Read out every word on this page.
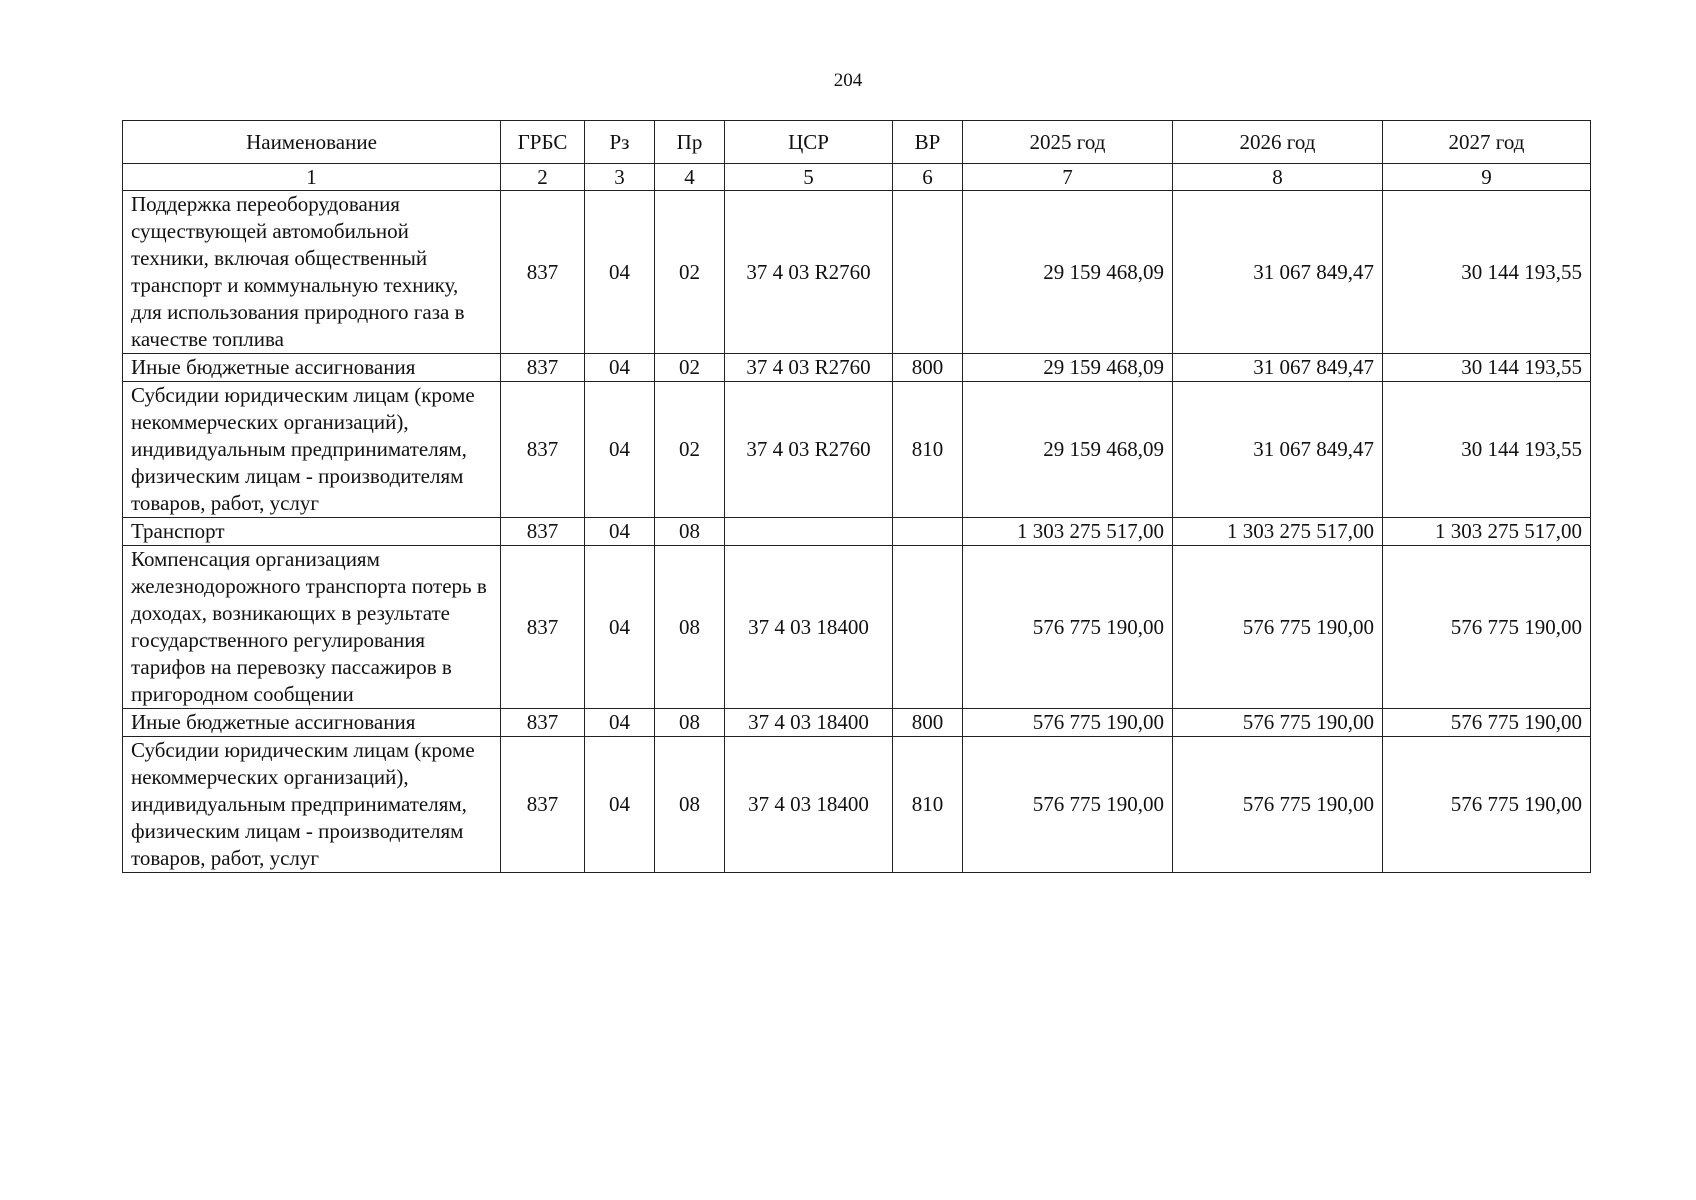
204
Наименование	ГРБС	Рз	Пр	ЦСР	ВР	2025 год	2026 год	2027 год
1	2	3	4	5	6	7	8	9
Поддержка переоборудования существующей автомобильной техники, включая общественный транспорт и коммунальную технику, для использования природного газа в качестве топлива	837	04	02	37 4 03 R2760		29 159 468,09	31 067 849,47	30 144 193,55
Иные бюджетные ассигнования	837	04	02	37 4 03 R2760	800	29 159 468,09	31 067 849,47	30 144 193,55
Субсидии юридическим лицам (кроме некоммерческих организаций), индивидуальным предпринимателям, физическим лицам - производителям товаров, работ, услуг	837	04	02	37 4 03 R2760	810	29 159 468,09	31 067 849,47	30 144 193,55
Транспорт	837	04	08			1 303 275 517,00	1 303 275 517,00	1 303 275 517,00
Компенсация организациям железнодорожного транспорта потерь в доходах, возникающих в результате государственного регулирования тарифов на перевозку пассажиров в пригородном сообщении	837	04	08	37 4 03 18400		576 775 190,00	576 775 190,00	576 775 190,00
Иные бюджетные ассигнования	837	04	08	37 4 03 18400	800	576 775 190,00	576 775 190,00	576 775 190,00
Субсидии юридическим лицам (кроме некоммерческих организаций), индивидуальным предпринимателям, физическим лицам - производителям товаров, работ, услуг	837	04	08	37 4 03 18400	810	576 775 190,00	576 775 190,00	576 775 190,00
